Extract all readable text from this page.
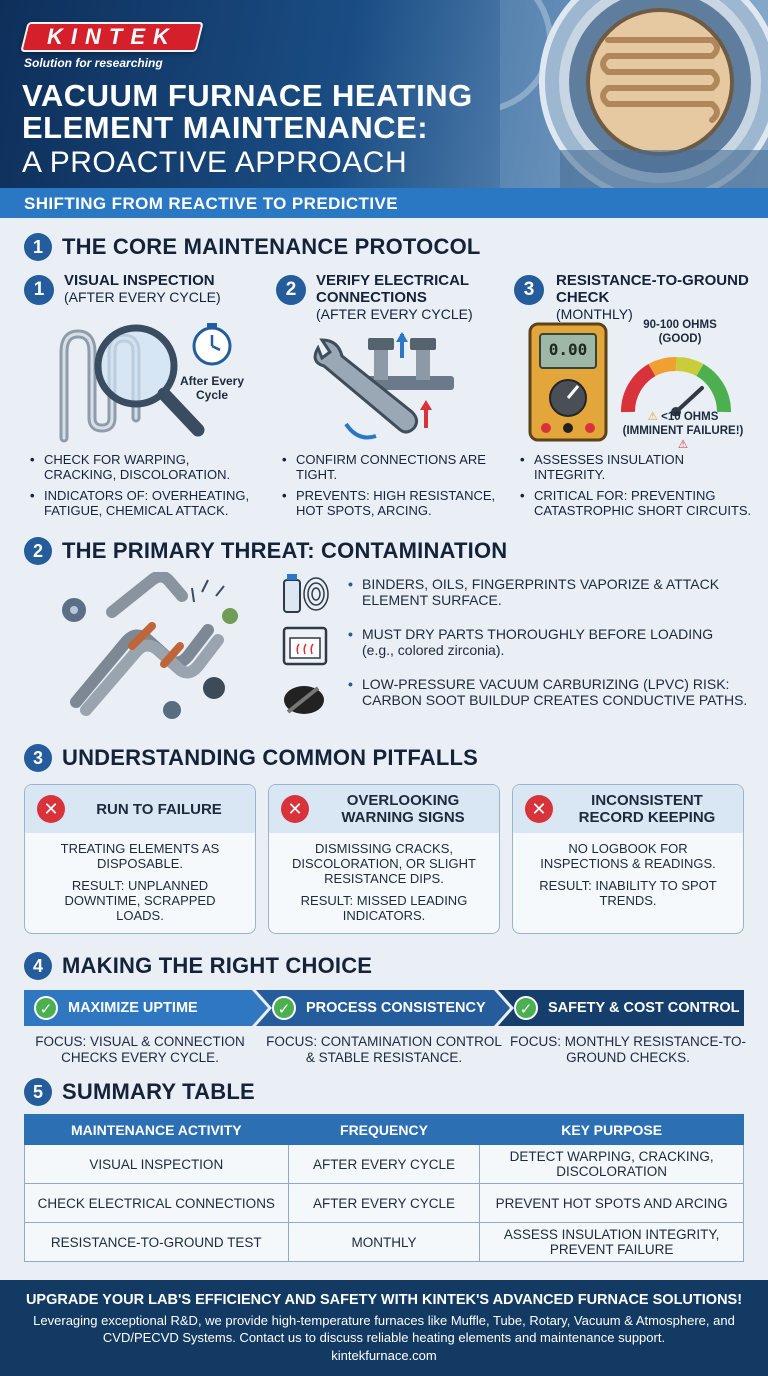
KINTEK
Solution for researching
VACUUM FURNACE HEATING ELEMENT MAINTENANCE:
A PROACTIVE APPROACH
SHIFTING FROM REACTIVE TO PREDICTIVE
1 THE CORE MAINTENANCE PROTOCOL
1	VISUAL INSPECTION
(AFTER EVERY CYCLE)
After Every Cycle
• CHECK FOR WARPING, CRACKING, DISCOLORATION.
• INDICATORS OF: OVERHEATING, FATIGUE, CHEMICAL ATTACK.
2	VERIFY ELECTRICAL CONNECTIONS
(AFTER EVERY CYCLE)
• CONFIRM CONNECTIONS ARE TIGHT.
• PREVENTS: HIGH RESISTANCE, HOT SPOTS, ARCING.
3	RESISTANCE-TO-GROUND CHECK
(MONTHLY)
0.00
90-100 OHMS (GOOD)
⚠ <10 OHMS (IMMINENT FAILURE!) ⚠
• ASSESSES INSULATION INTEGRITY.
• CRITICAL FOR: PREVENTING CATASTROPHIC SHORT CIRCUITS.
2 THE PRIMARY THREAT: CONTAMINATION
• BINDERS, OILS, FINGERPRINTS VAPORIZE & ATTACK ELEMENT SURFACE.
• MUST DRY PARTS THOROUGHLY BEFORE LOADING (e.g., colored zirconia).
• LOW-PRESSURE VACUUM CARBURIZING (LPVC) RISK: CARBON SOOT BUILDUP CREATES CONDUCTIVE PATHS.
3 UNDERSTANDING COMMON PITFALLS
✕	RUN TO FAILURE

TREATING ELEMENTS AS DISPOSABLE.

RESULT: UNPLANNED DOWNTIME, SCRAPPED LOADS.

✕	OVERLOOKING WARNING SIGNS

DISMISSING CRACKS, DISCOLORATION, OR SLIGHT RESISTANCE DIPS.

RESULT: MISSED LEADING INDICATORS.

✕	INCONSISTENT RECORD KEEPING

NO LOGBOOK FOR INSPECTIONS & READINGS.

RESULT: INABILITY TO SPOT TRENDS.

4 MAKING THE RIGHT CHOICE
✓	MAXIMIZE UPTIME	✓	PROCESS CONSISTENCY	✓	SAFETY & COST CONTROL
FOCUS: VISUAL & CONNECTION CHECKS EVERY CYCLE.
FOCUS: CONTAMINATION CONTROL & STABLE RESISTANCE.
FOCUS: MONTHLY RESISTANCE-TO-GROUND CHECKS.
5 SUMMARY TABLE
MAINTENANCE ACTIVITY	FREQUENCY	KEY PURPOSE
VISUAL INSPECTION	AFTER EVERY CYCLE	DETECT WARPING, CRACKING, DISCOLORATION
CHECK ELECTRICAL CONNECTIONS	AFTER EVERY CYCLE	PREVENT HOT SPOTS AND ARCING
RESISTANCE-TO-GROUND TEST	MONTHLY	ASSESS INSULATION INTEGRITY, PREVENT FAILURE
UPGRADE YOUR LAB'S EFFICIENCY AND SAFETY WITH KINTEK'S ADVANCED FURNACE SOLUTIONS!
Leveraging exceptional R&D, we provide high-temperature furnaces like Muffle, Tube, Rotary, Vacuum & Atmosphere, and CVD/PECVD Systems. Contact us to discuss reliable heating elements and maintenance support.
kintekfurnace.com
